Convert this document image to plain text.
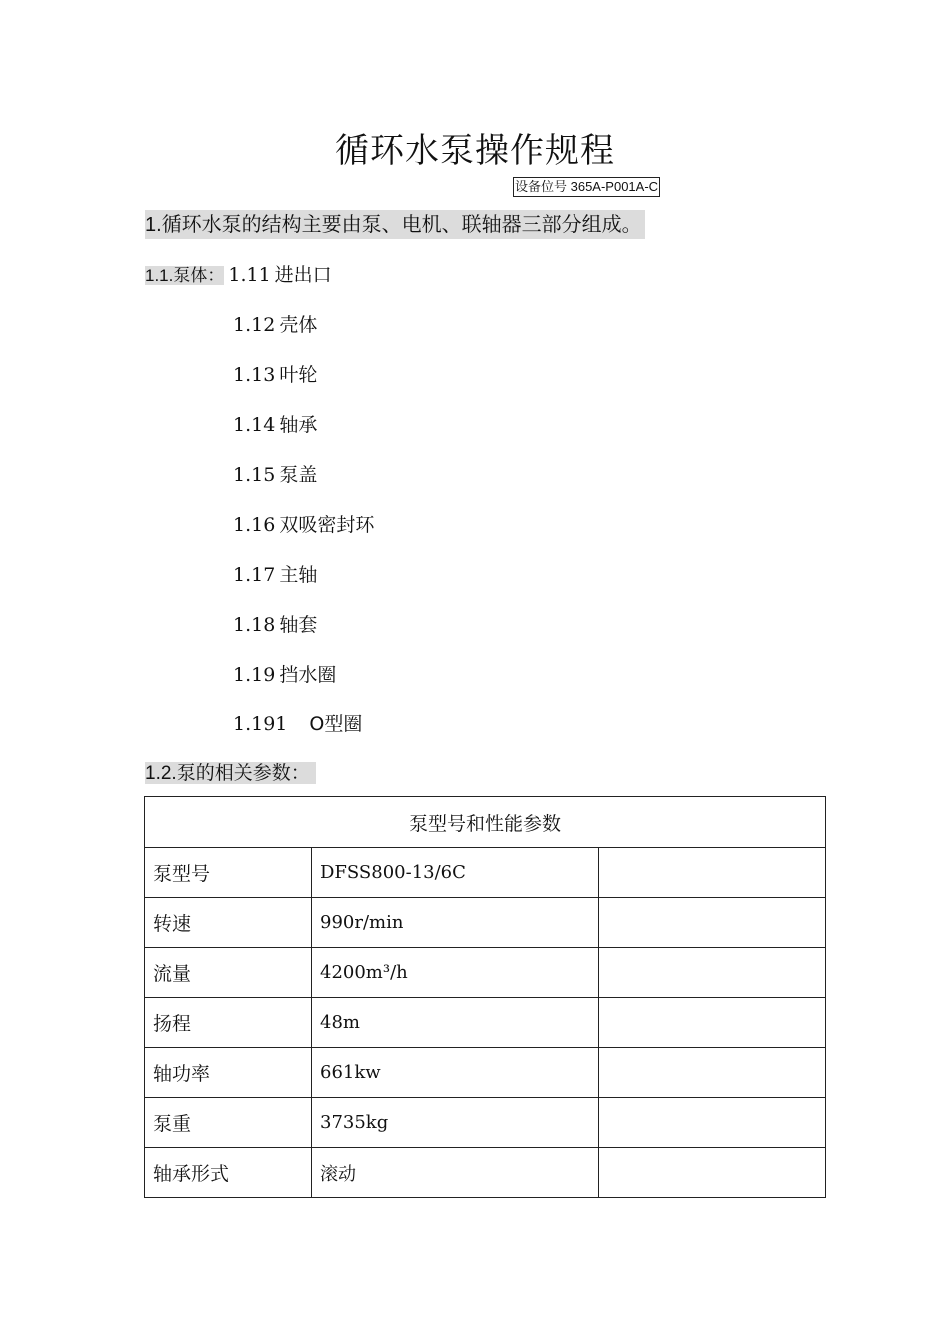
循环水泵操作规程
设备位号 365A-P001A-C
1.循环水泵的结构主要由泵、电机、联轴器三部分组成。
1.1.泵体： 1.11 进出口
1.12 壳体
1.13 叶轮
1.14 轴承
1.15 泵盖
1.16 双吸密封环
1.17 主轴
1.18 轴套
1.19 挡水圈
1.191 O型圈
1.2.泵的相关参数：
泵型号和性能参数		
泵型号	DFSS800-13/6C	
转速	990r/min	
流量	4200m³/h	
扬程	48m	
轴功率	661kw	
泵重	3735kg	
轴承形式	滚动	
